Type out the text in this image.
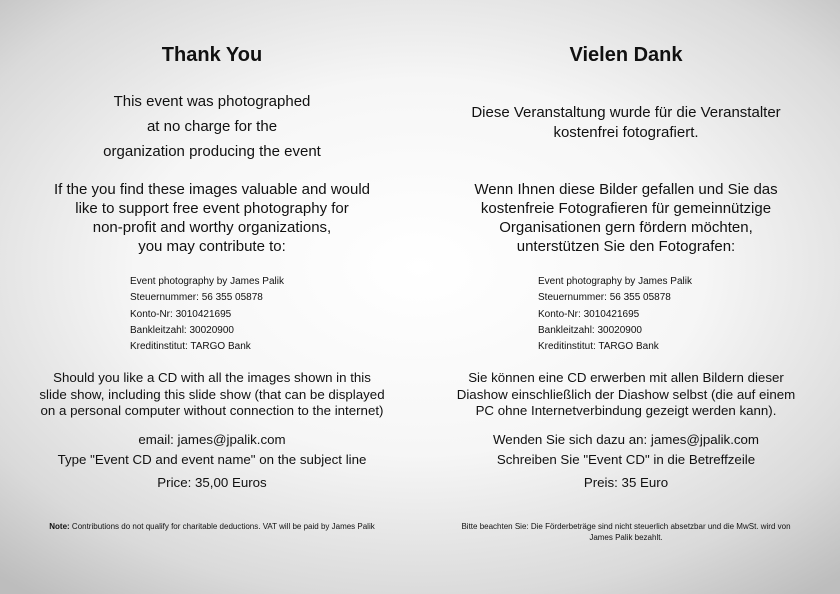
Thank You
This event was photographed
at no charge for the
organization producing the event
If the you find these images valuable and would
like to support free event photography for
non-profit and worthy organizations,
you may contribute to:
Event photography by James Palik
Steuernummer: 56 355 05878
Konto-Nr: 3010421695
Bankleitzahl: 30020900
Kreditinstitut: TARGO Bank
Should you like a CD with all the images shown in this
slide show, including this slide show (that can be displayed
on a personal computer without connection to the internet)
email: james@jpalik.com
Type "Event CD and event name" on the subject line
Price: 35,00 Euros
Note: Contributions do not qualify for charitable deductions. VAT will be paid by James Palik
Vielen Dank
Diese Veranstaltung wurde für die Veranstalter
kostenfrei fotografiert.
Wenn Ihnen diese Bilder gefallen und Sie das
kostenfreie Fotografieren für gemeinnützige
Organisationen gern fördern möchten,
unterstützen Sie den Fotografen:
Event photography by James Palik
Steuernummer: 56 355 05878
Konto-Nr: 3010421695
Bankleitzahl: 30020900
Kreditinstitut: TARGO Bank
Sie können eine CD erwerben mit allen Bildern dieser
Diashow einschließlich der Diashow selbst (die auf einem
PC ohne Internetverbindung gezeigt werden kann).
Wenden Sie sich dazu an: james@jpalik.com
Schreiben Sie "Event CD" in die Betreffzeile
Preis: 35 Euro
Bitte beachten Sie: Die Förderbeträge sind nicht steuerlich absetzbar und die MwSt. wird von
James Palik bezahlt.
